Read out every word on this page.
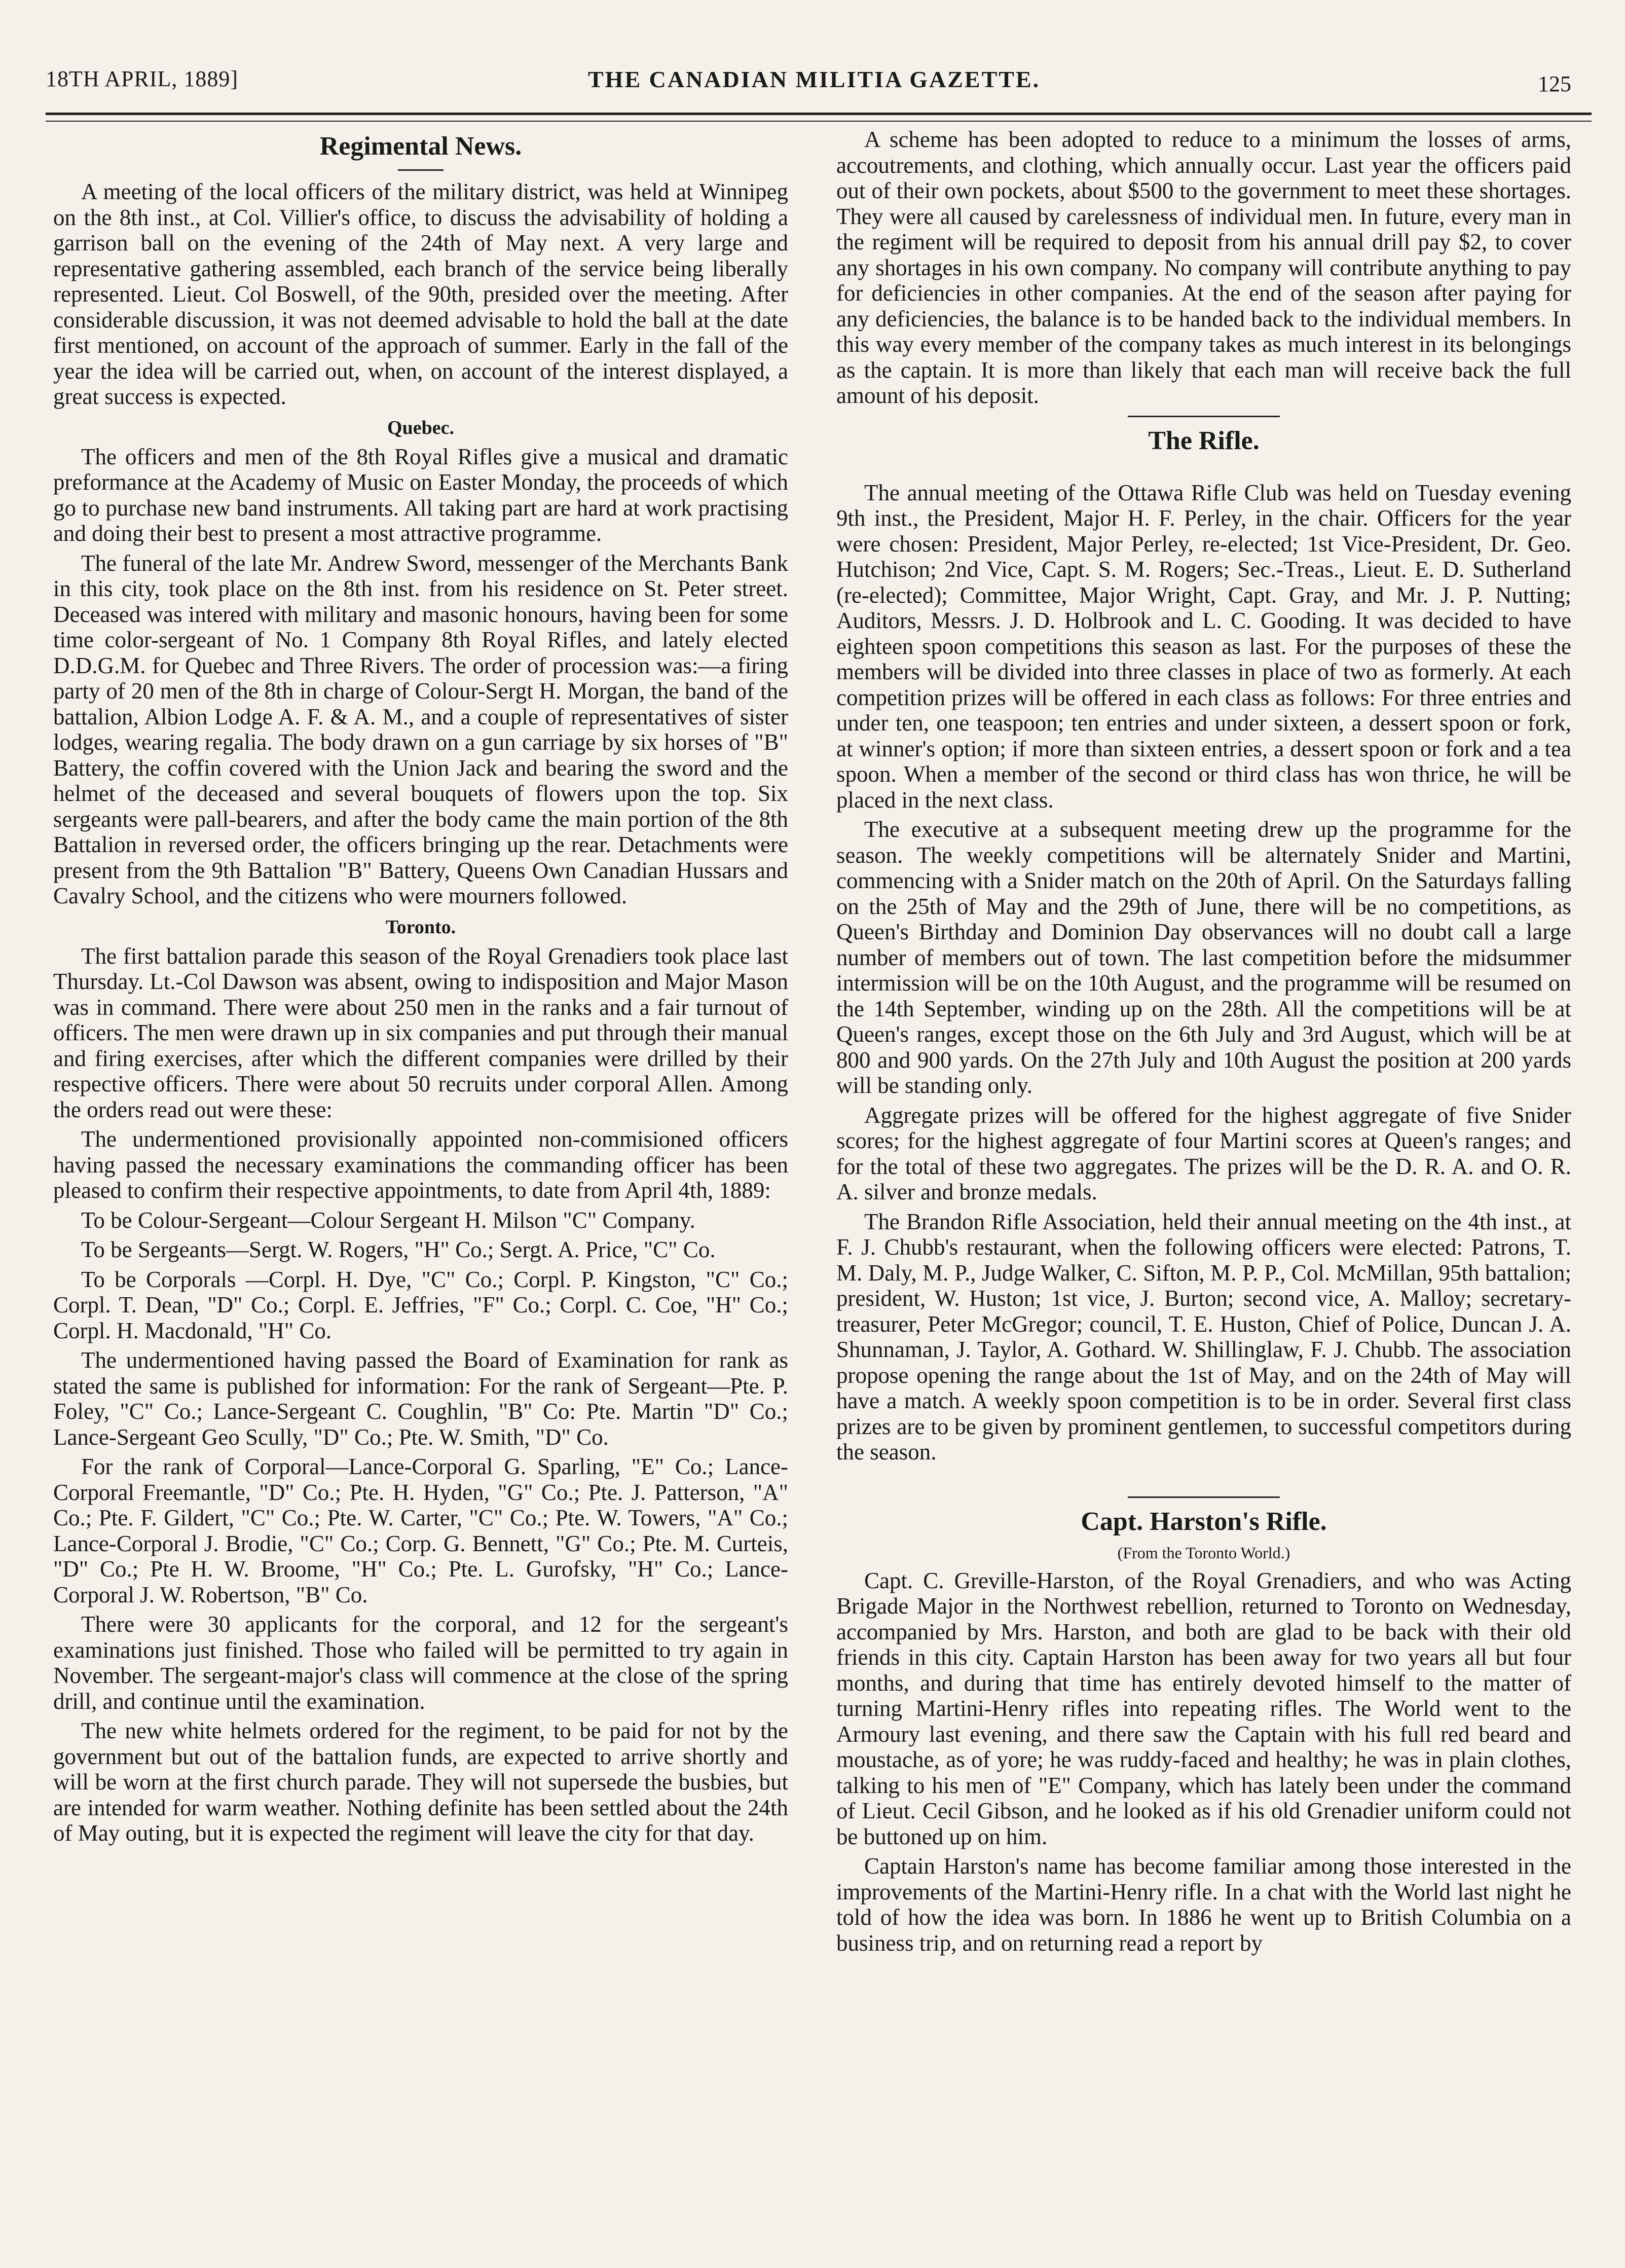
18TH APRIL, 1889]	THE CANADIAN MILITIA GAZETTE.	125
Regimental News.

A meeting of the local officers of the military district, was held at Winnipeg on the 8th inst., at Col. Villier's office, to discuss the advisability of holding a garrison ball on the evening of the 24th of May next. A very large and representative gathering assembled, each branch of the service being liberally represented. Lieut. Col Boswell, of the 90th, presided over the meeting. After considerable discussion, it was not deemed advisable to hold the ball at the date first mentioned, on account of the approach of summer. Early in the fall of the year the idea will be carried out, when, on account of the interest displayed, a great success is expected.

Quebec.

The officers and men of the 8th Royal Rifles give a musical and dramatic preformance at the Academy of Music on Easter Monday, the proceeds of which go to purchase new band instruments. All taking part are hard at work practising and doing their best to present a most attractive programme.

The funeral of the late Mr. Andrew Sword, messenger of the Merchants Bank in this city, took place on the 8th inst. from his residence on St. Peter street. Deceased was intered with military and masonic honours, having been for some time color-sergeant of No. 1 Company 8th Royal Rifles, and lately elected D.D.G.M. for Quebec and Three Rivers. The order of procession was:—a firing party of 20 men of the 8th in charge of Colour-Sergt H. Morgan, the band of the battalion, Albion Lodge A. F. & A. M., and a couple of representatives of sister lodges, wearing regalia. The body drawn on a gun carriage by six horses of "B" Battery, the coffin covered with the Union Jack and bearing the sword and the helmet of the deceased and several bouquets of flowers upon the top. Six sergeants were pall-bearers, and after the body came the main portion of the 8th Battalion in reversed order, the officers bringing up the rear. Detachments were present from the 9th Battalion "B" Battery, Queens Own Canadian Hussars and Cavalry School, and the citizens who were mourners followed.

Toronto.

The first battalion parade this season of the Royal Grenadiers took place last Thursday. Lt.-Col Dawson was absent, owing to indisposition and Major Mason was in command. There were about 250 men in the ranks and a fair turnout of officers. The men were drawn up in six companies and put through their manual and firing exercises, after which the different companies were drilled by their respective officers. There were about 50 recruits under corporal Allen. Among the orders read out were these:

The undermentioned provisionally appointed non-commisioned officers having passed the necessary examinations the commanding officer has been pleased to confirm their respective appointments, to date from April 4th, 1889:

To be Colour-Sergeant—Colour Sergeant H. Milson "C" Company.

To be Sergeants—Sergt. W. Rogers, "H" Co.; Sergt. A. Price, "C" Co.

To be Corporals —Corpl. H. Dye, "C" Co.; Corpl. P. Kingston, "C" Co.; Corpl. T. Dean, "D" Co.; Corpl. E. Jeffries, "F" Co.; Corpl. C. Coe, "H" Co.; Corpl. H. Macdonald, "H" Co.

The undermentioned having passed the Board of Examination for rank as stated the same is published for information: For the rank of Sergeant—Pte. P. Foley, "C" Co.; Lance-Sergeant C. Coughlin, "B" Co: Pte. Martin "D" Co.; Lance-Sergeant Geo Scully, "D" Co.; Pte. W. Smith, "D" Co.

For the rank of Corporal—Lance-Corporal G. Sparling, "E" Co.; Lance-Corporal Freemantle, "D" Co.; Pte. H. Hyden, "G" Co.; Pte. J. Patterson, "A" Co.; Pte. F. Gildert, "C" Co.; Pte. W. Carter, "C" Co.; Pte. W. Towers, "A" Co.; Lance-Corporal J. Brodie, "C" Co.; Corp. G. Bennett, "G" Co.; Pte. M. Curteis, "D" Co.; Pte H. W. Broome, "H" Co.; Pte. L. Gurofsky, "H" Co.; Lance-Corporal J. W. Robertson, "B" Co.

There were 30 applicants for the corporal, and 12 for the sergeant's examinations just finished. Those who failed will be permitted to try again in November. The sergeant-major's class will commence at the close of the spring drill, and continue until the examination.

The new white helmets ordered for the regiment, to be paid for not by the government but out of the battalion funds, are expected to arrive shortly and will be worn at the first church parade. They will not supersede the busbies, but are intended for warm weather. Nothing definite has been settled about the 24th of May outing, but it is expected the regiment will leave the city for that day.

A scheme has been adopted to reduce to a minimum the losses of arms, accoutrements, and clothing, which annually occur. Last year the officers paid out of their own pockets, about $500 to the government to meet these shortages. They were all caused by carelessness of individual men. In future, every man in the regiment will be required to deposit from his annual drill pay $2, to cover any shortages in his own company. No company will contribute anything to pay for deficiencies in other companies. At the end of the season after paying for any deficiencies, the balance is to be handed back to the individual members. In this way every member of the company takes as much interest in its belongings as the captain. It is more than likely that each man will receive back the full amount of his deposit.

The Rifle.

The annual meeting of the Ottawa Rifle Club was held on Tuesday evening 9th inst., the President, Major H. F. Perley, in the chair. Officers for the year were chosen: President, Major Perley, re-elected; 1st Vice-President, Dr. Geo. Hutchison; 2nd Vice, Capt. S. M. Rogers; Sec.-Treas., Lieut. E. D. Sutherland (re-elected); Committee, Major Wright, Capt. Gray, and Mr. J. P. Nutting; Auditors, Messrs. J. D. Holbrook and L. C. Gooding. It was decided to have eighteen spoon competitions this season as last. For the purposes of these the members will be divided into three classes in place of two as formerly. At each competition prizes will be offered in each class as follows: For three entries and under ten, one teaspoon; ten entries and under sixteen, a dessert spoon or fork, at winner's option; if more than sixteen entries, a dessert spoon or fork and a tea spoon. When a member of the second or third class has won thrice, he will be placed in the next class.

The executive at a subsequent meeting drew up the programme for the season. The weekly competitions will be alternately Snider and Martini, commencing with a Snider match on the 20th of April. On the Saturdays falling on the 25th of May and the 29th of June, there will be no competitions, as Queen's Birthday and Dominion Day observances will no doubt call a large number of members out of town. The last competition before the midsummer intermission will be on the 10th August, and the programme will be resumed on the 14th September, winding up on the 28th. All the competitions will be at Queen's ranges, except those on the 6th July and 3rd August, which will be at 800 and 900 yards. On the 27th July and 10th August the position at 200 yards will be standing only.

Aggregate prizes will be offered for the highest aggregate of five Snider scores; for the highest aggregate of four Martini scores at Queen's ranges; and for the total of these two aggregates. The prizes will be the D. R. A. and O. R. A. silver and bronze medals.

The Brandon Rifle Association, held their annual meeting on the 4th inst., at F. J. Chubb's restaurant, when the following officers were elected: Patrons, T. M. Daly, M. P., Judge Walker, C. Sifton, M. P. P., Col. McMillan, 95th battalion; president, W. Huston; 1st vice, J. Burton; second vice, A. Malloy; secretary-treasurer, Peter McGregor; council, T. E. Huston, Chief of Police, Duncan J. A. Shunnaman, J. Taylor, A. Gothard. W. Shillinglaw, F. J. Chubb. The association propose opening the range about the 1st of May, and on the 24th of May will have a match. A weekly spoon competition is to be in order. Several first class prizes are to be given by prominent gentlemen, to successful competitors during the season.

Capt. Harston's Rifle.
(From the Toronto World.)

Capt. C. Greville-Harston, of the Royal Grenadiers, and who was Acting Brigade Major in the Northwest rebellion, returned to Toronto on Wednesday, accompanied by Mrs. Harston, and both are glad to be back with their old friends in this city. Captain Harston has been away for two years all but four months, and during that time has entirely devoted himself to the matter of turning Martini-Henry rifles into repeating rifles. The World went to the Armoury last evening, and there saw the Captain with his full red beard and moustache, as of yore; he was ruddy-faced and healthy; he was in plain clothes, talking to his men of "E" Company, which has lately been under the command of Lieut. Cecil Gibson, and he looked as if his old Grenadier uniform could not be buttoned up on him.

Captain Harston's name has become familiar among those interested in the improvements of the Martini-Henry rifle. In a chat with the World last night he told of how the idea was born. In 1886 he went up to British Columbia on a business trip, and on returning read a report by
